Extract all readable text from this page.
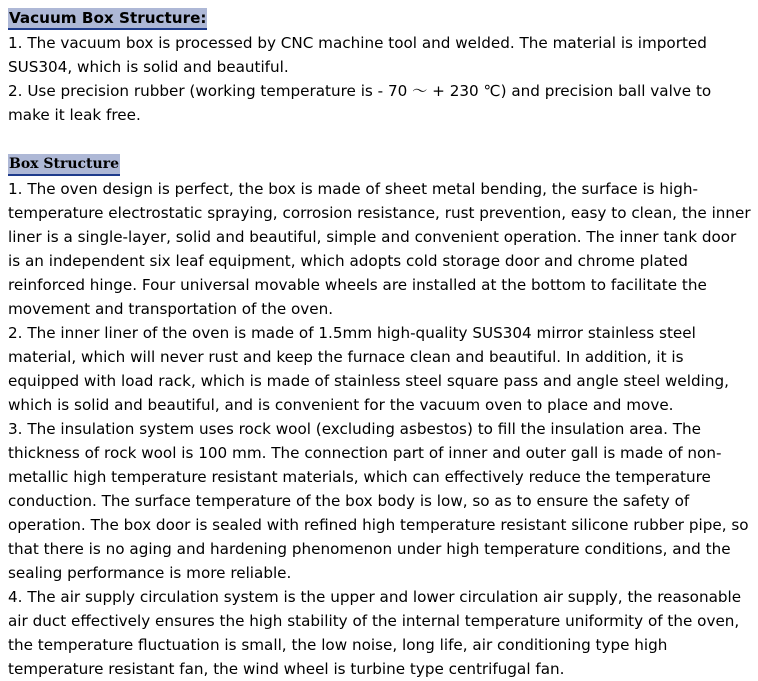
Vacuum Box Structure:

1. The vacuum box is processed by CNC machine tool and welded. The material is imported SUS304, which is solid and beautiful.

2. Use precision rubber (working temperature is - 70 ～ + 230 ℃) and precision ball valve to make it leak free.

Box Structure

1. The oven design is perfect, the box is made of sheet metal bending, the surface is high-temperature electrostatic spraying, corrosion resistance, rust prevention, easy to clean, the inner liner is a single-layer, solid and beautiful, simple and convenient operation. The inner tank door is an independent six leaf equipment, which adopts cold storage door and chrome plated reinforced hinge. Four universal movable wheels are installed at the bottom to facilitate the movement and transportation of the oven.

2. The inner liner of the oven is made of 1.5mm high-quality SUS304 mirror stainless steel material, which will never rust and keep the furnace clean and beautiful. In addition, it is equipped with load rack, which is made of stainless steel square pass and angle steel welding, which is solid and beautiful, and is convenient for the vacuum oven to place and move.

3. The insulation system uses rock wool (excluding asbestos) to fill the insulation area. The thickness of rock wool is 100 mm. The connection part of inner and outer gall is made of non-metallic high temperature resistant materials, which can effectively reduce the temperature conduction. The surface temperature of the box body is low, so as to ensure the safety of operation. The box door is sealed with refined high temperature resistant silicone rubber pipe, so that there is no aging and hardening phenomenon under high temperature conditions, and the sealing performance is more reliable.

4. The air supply circulation system is the upper and lower circulation air supply, the reasonable air duct effectively ensures the high stability of the internal temperature uniformity of the oven, the temperature fluctuation is small, the low noise, long life, air conditioning type high temperature resistant fan, the wind wheel is turbine type centrifugal fan.
